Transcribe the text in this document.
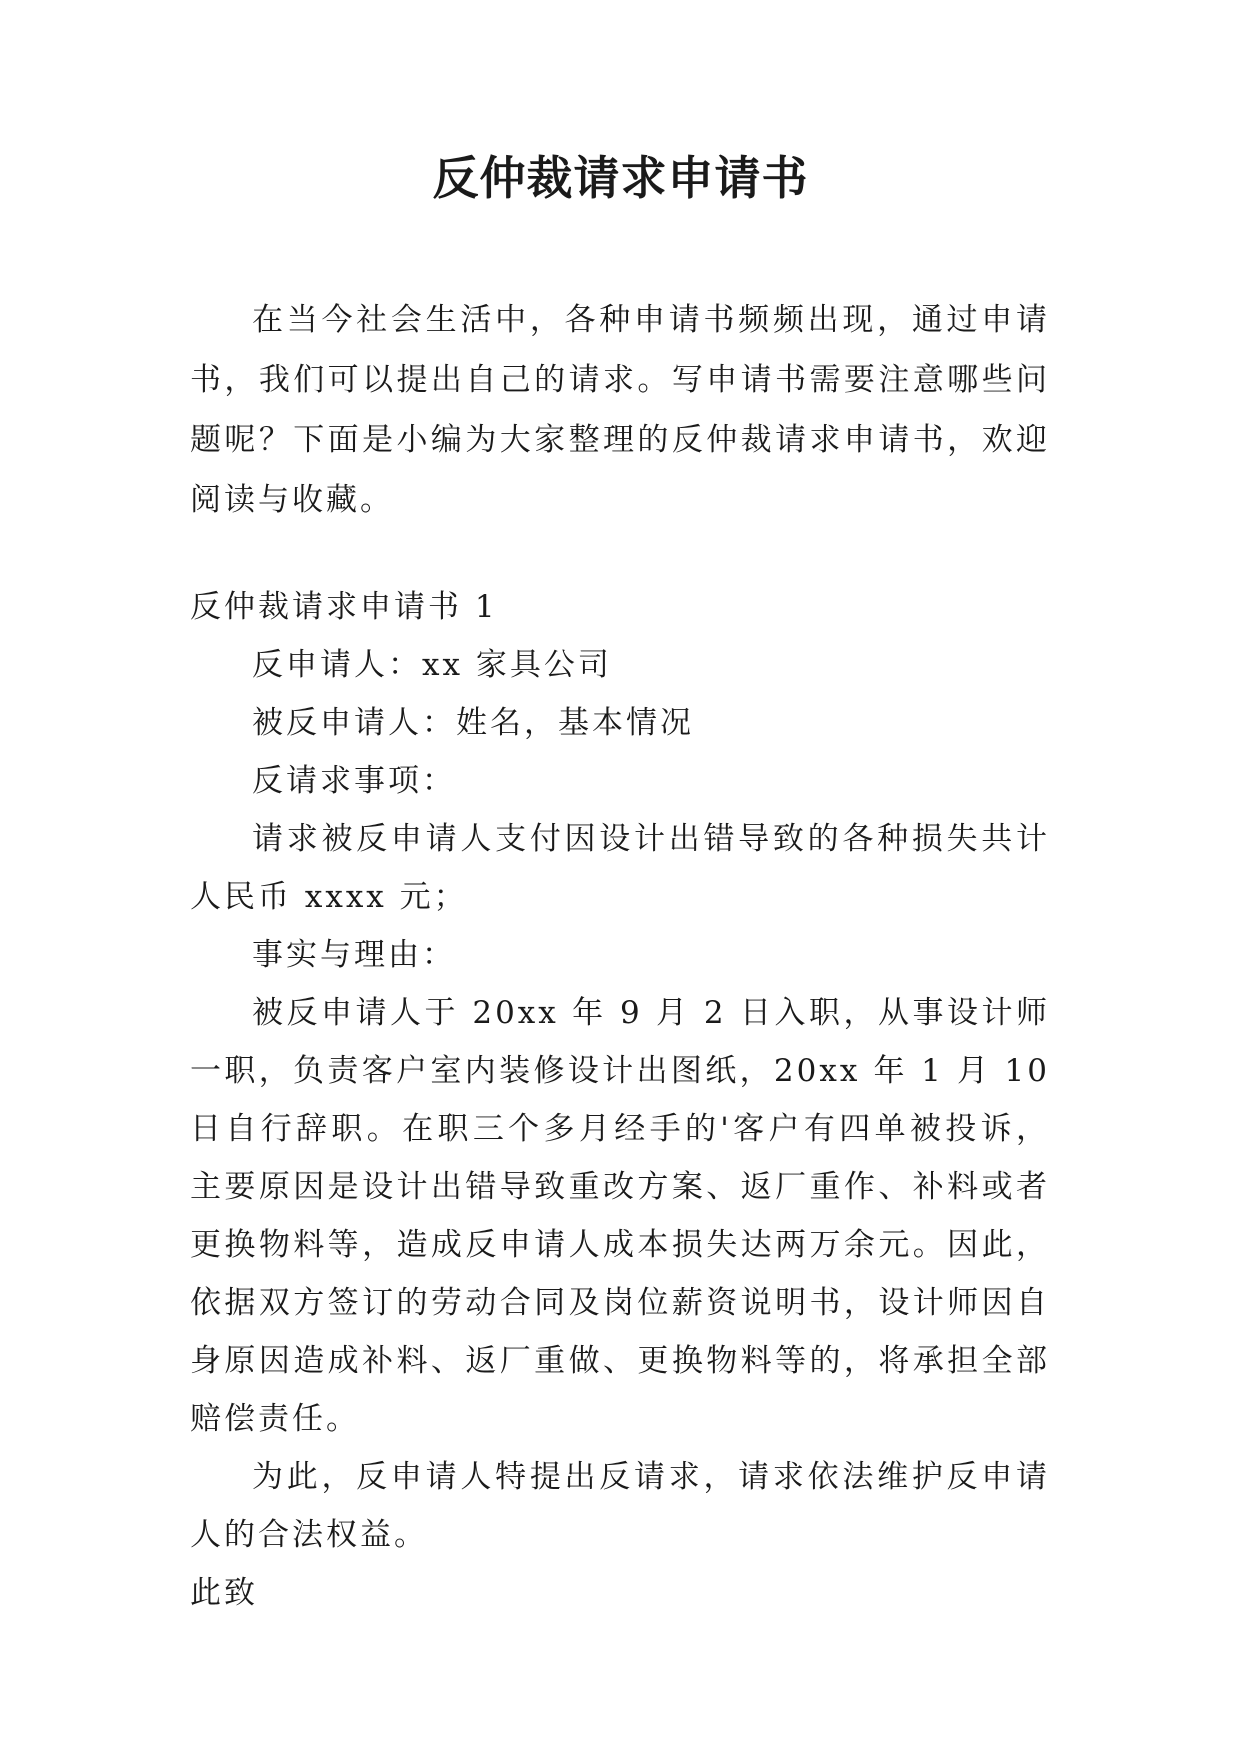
反仲裁请求申请书

在当今社会生活中，各种申请书频频出现，通过申请书，我们可以提出自己的请求。写申请书需要注意哪些问题呢？下面是小编为大家整理的反仲裁请求申请书，欢迎阅读与收藏。

反仲裁请求申请书 1

反申请人：xx 家具公司

被反申请人：姓名，基本情况

反请求事项：

请求被反申请人支付因设计出错导致的各种损失共计人民币 xxxx 元；

事实与理由：

被反申请人于 20xx 年 9 月 2 日入职，从事设计师一职，负责客户室内装修设计出图纸，20xx 年 1 月 10 日自行辞职。在职三个多月经手的'客户有四单被投诉，主要原因是设计出错导致重改方案、返厂重作、补料或者更换物料等，造成反申请人成本损失达两万余元。因此，依据双方签订的劳动合同及岗位薪资说明书，设计师因自身原因造成补料、返厂重做、更换物料等的，将承担全部赔偿责任。

为此，反申请人特提出反请求，请求依法维护反申请人的合法权益。

此致
